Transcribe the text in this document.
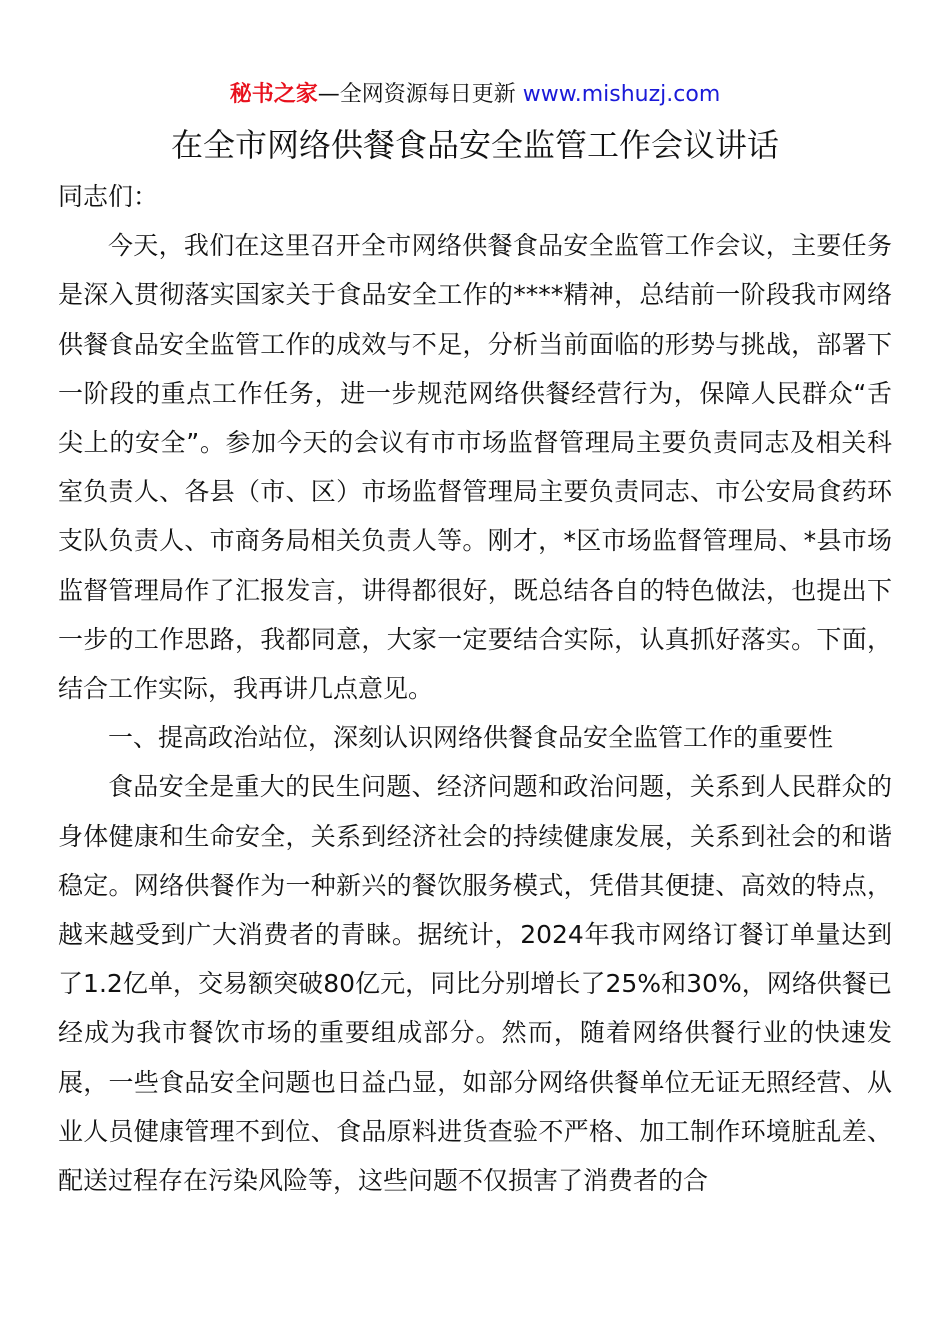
秘书之家—全网资源每日更新 www.mishuzj.com
在全市网络供餐食品安全监管工作会议讲话

同志们：

今天，我们在这里召开全市网络供餐食品安全监管工作会议，主要任务是深入贯彻落实国家关于食品安全工作的****精神，总结前一阶段我市网络供餐食品安全监管工作的成效与不足，分析当前面临的形势与挑战，部署下一阶段的重点工作任务，进一步规范网络供餐经营行为，保障人民群众“舌尖上的安全”。参加今天的会议有市市场监督管理局主要负责同志及相关科室负责人、各县（市、区）市场监督管理局主要负责同志、市公安局食药环支队负责人、市商务局相关负责人等。刚才，*区市场监督管理局、*县市场监督管理局作了汇报发言，讲得都很好，既总结各自的特色做法，也提出下一步的工作思路，我都同意，大家一定要结合实际，认真抓好落实。下面，结合工作实际，我再讲几点意见。

一、提高政治站位，深刻认识网络供餐食品安全监管工作的重要性

食品安全是重大的民生问题、经济问题和政治问题，关系到人民群众的身体健康和生命安全，关系到经济社会的持续健康发展，关系到社会的和谐稳定。网络供餐作为一种新兴的餐饮服务模式，凭借其便捷、高效的特点，越来越受到广大消费者的青睐。据统计，2024年我市网络订餐订单量达到了1.2亿单，交易额突破80亿元，同比分别增长了25%和30%，网络供餐已经成为我市餐饮市场的重要组成部分。然而，随着网络供餐行业的快速发展，一些食品安全问题也日益凸显，如部分网络供餐单位无证无照经营、从业人员健康管理不到位、食品原料进货查验不严格、加工制作环境脏乱差、配送过程存在污染风险等，这些问题不仅损害了消费者的合
